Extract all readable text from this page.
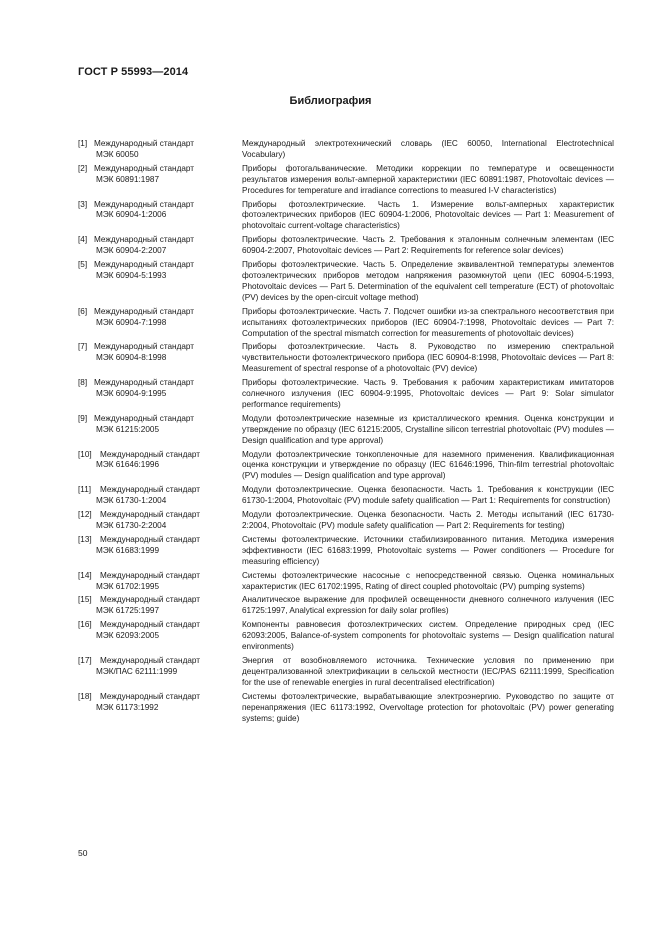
ГОСТ Р 55993—2014
Библиография
[1] Международный стандарт
МЭК 60050
Международный электротехнический словарь (IEC 60050, International Electrotechnical Vocabulary)
[2] Международный стандарт
МЭК 60891:1987
Приборы фотогальванические. Методики коррекции по температуре и освещенности результатов измерения вольт-амперной характеристики (IEC 60891:1987, Photovoltaic devices — Procedures for temperature and irradiance corrections to measured I-V characteristics)
[3] Международный стандарт
МЭК 60904-1:2006
Приборы фотоэлектрические. Часть 1. Измерение вольт-амперных характеристик фотоэлектрических приборов (IEC 60904-1:2006, Photovoltaic devices — Part 1: Measurement of photovoltaic current-voltage characteristics)
[4] Международный стандарт
МЭК 60904-2:2007
Приборы фотоэлектрические. Часть 2. Требования к эталонным солнечным элементам (IEC 60904-2:2007, Photovoltaic devices — Part 2: Requirements for reference solar devices)
[5] Международный стандарт
МЭК 60904-5:1993
Приборы фотоэлектрические. Часть 5. Определение эквивалентной температуры элементов фотоэлектрических приборов методом напряжения разомкнутой цепи (IEC 60904-5:1993, Photovoltaic devices — Part 5. Determination of the equivalent cell temperature (ECT) of photovoltaic (PV) devices by the open-circuit voltage method)
[6] Международный стандарт
МЭК 60904-7:1998
Приборы фотоэлектрические. Часть 7. Подсчет ошибки из-за спектрального несоответствия при испытаниях фотоэлектрических приборов (IEC 60904-7:1998, Photovoltaic devices — Part 7: Computation of the spectral mismatch correction for measurements of photovoltaic devices)
[7] Международный стандарт
МЭК 60904-8:1998
Приборы фотоэлектрические. Часть 8. Руководство по измерению спектральной чувствительности фотоэлектрического прибора (IEC 60904-8:1998, Photovoltaic devices — Part 8: Measurement of spectral response of a photovoltaic (PV) device)
[8] Международный стандарт
МЭК 60904-9:1995
Приборы фотоэлектрические. Часть 9. Требования к рабочим характеристикам имитаторов солнечного излучения (IEC 60904-9:1995, Photovoltaic devices — Part 9: Solar simulator performance requirements)
[9] Международный стандарт
МЭК 61215:2005
Модули фотоэлектрические наземные из кристаллического кремния. Оценка конструкции и утверждение по образцу (IEC 61215:2005, Crystalline silicon terrestrial photovoltaic (PV) modules — Design qualification and type approval)
[10] Международный стандарт
МЭК 61646:1996
Модули фотоэлектрические тонкопленочные для наземного применения. Квалификационная оценка конструкции и утверждение по образцу (IEC 61646:1996, Thin-film terrestrial photovoltaic (PV) modules — Design qualification and type approval)
[11] Международный стандарт
МЭК 61730-1:2004
Модули фотоэлектрические. Оценка безопасности. Часть 1. Требования к конструкции (IEC 61730-1:2004, Photovoltaic (PV) module safety qualification — Part 1: Requirements for construction)
[12] Международный стандарт
МЭК 61730-2:2004
Модули фотоэлектрические. Оценка безопасности. Часть 2. Методы испытаний (IEC 61730-2:2004, Photovoltaic (PV) module safety qualification — Part 2: Requirements for testing)
[13] Международный стандарт
МЭК 61683:1999
Системы фотоэлектрические. Источники стабилизированного питания. Методика измерения эффективности (IEC 61683:1999, Photovoltaic systems — Power conditioners — Procedure for measuring efficiency)
[14] Международный стандарт
МЭК 61702:1995
Системы фотоэлектрические насосные с непосредственной связью. Оценка номинальных характеристик (IEC 61702:1995, Rating of direct coupled photovoltaic (PV) pumping systems)
[15] Международный стандарт
МЭК 61725:1997
Аналитическое выражение для профилей освещенности дневного солнечного излучения (IEC 61725:1997, Analytical expression for daily solar profiles)
[16] Международный стандарт
МЭК 62093:2005
Компоненты равновесия фотоэлектрических систем. Определение природных сред (IEC 62093:2005, Balance-of-system components for photovoltaic systems — Design qualification natural environments)
[17] Международный стандарт
МЭК/ПАС 62111:1999
Энергия от возобновляемого источника. Технические условия по применению при децентрализованной электрификации в сельской местности (IEC/PAS 62111:1999, Specification for the use of renewable energies in rural decentralised electrification)
[18] Международный стандарт
МЭК 61173:1992
Системы фотоэлектрические, вырабатывающие электроэнергию. Руководство по защите от перенапряжения (IEC 61173:1992, Overvoltage protection for photovoltaic (PV) power generating systems; guide)
50
